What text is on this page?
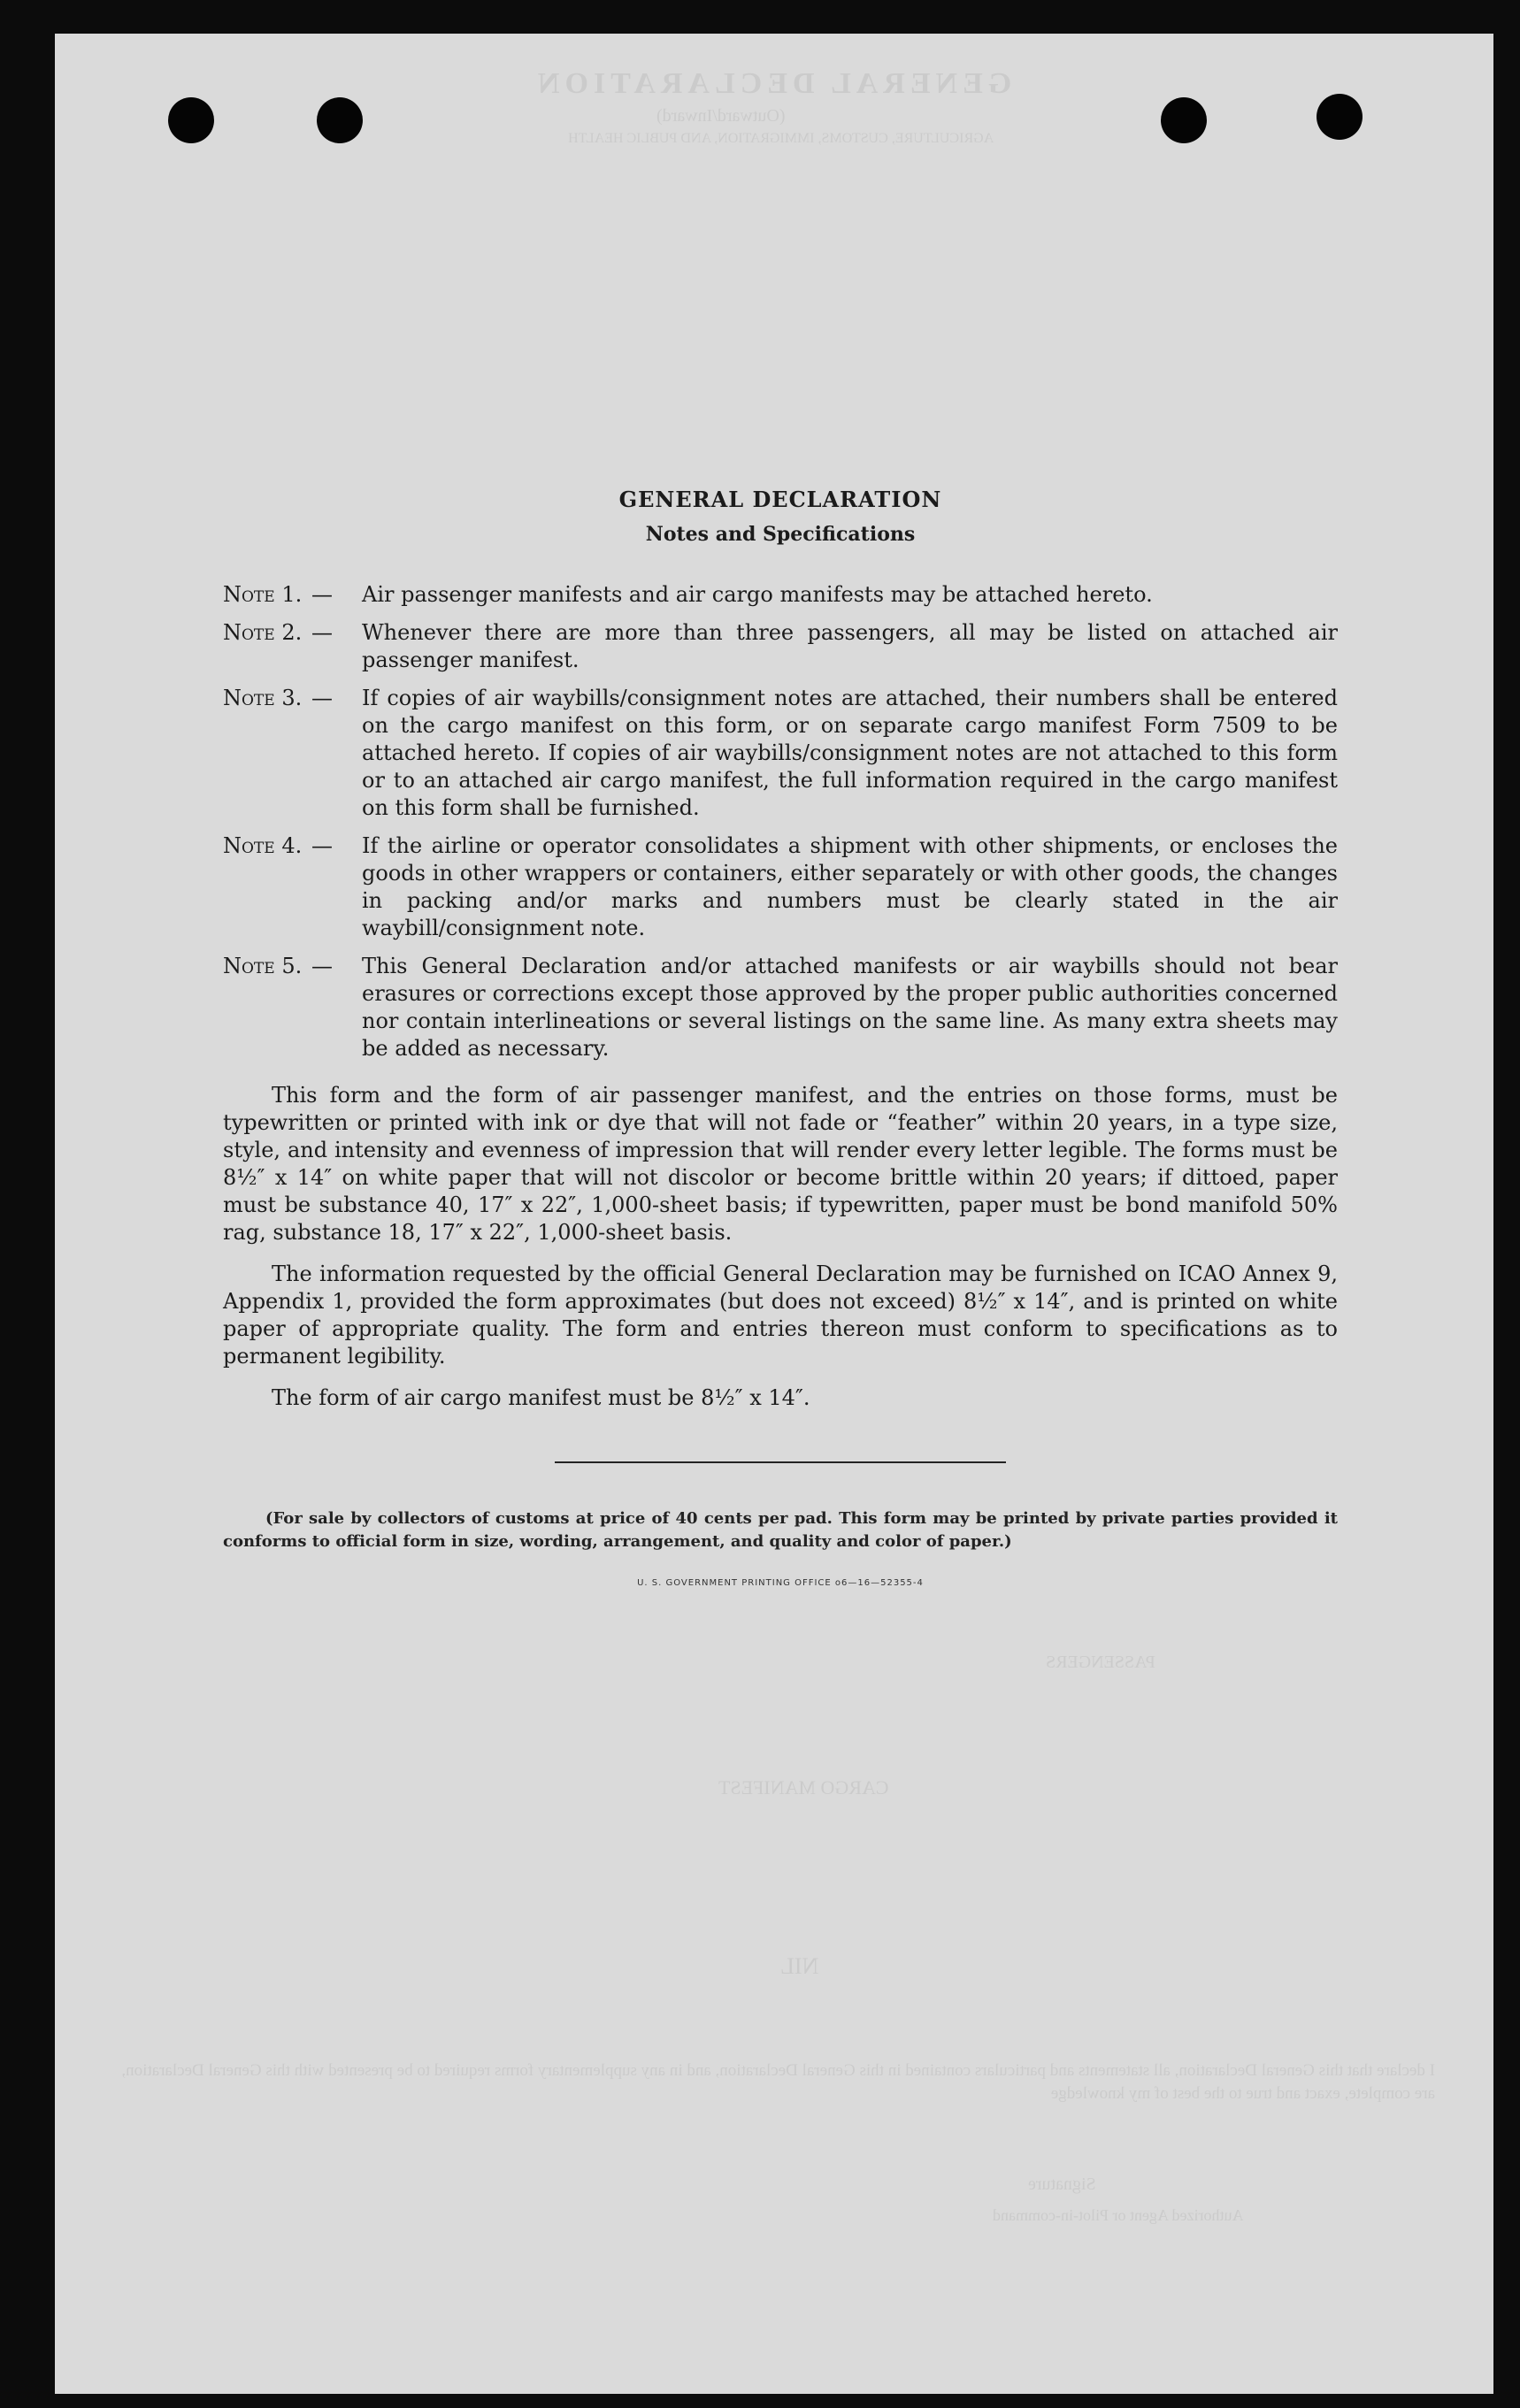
GENERAL DECLARATION
(Outward/Inward)
AGRICULTURE, CUSTOMS, IMMIGRATION, AND PUBLIC HEALTH
PASSENGERS
CARGO MANIFEST
NIL
I declare that this General Declaration, all statements and particulars contained in this General Declaration, and in any supplementary forms required to be presented with this General Declaration, are complete, exact and true to the best of my knowledge
Signature
Authorized Agent or Pilot-in-command
GENERAL DECLARATION
Notes and Specifications
Note 1. — Air passenger manifests and air cargo manifests may be attached hereto.
Note 2. — Whenever there are more than three passengers, all may be listed on attached air passenger manifest.
Note 3. — If copies of air waybills/consignment notes are attached, their numbers shall be entered on the cargo manifest on this form, or on separate cargo manifest Form 7509 to be attached hereto. If copies of air waybills/consignment notes are not attached to this form or to an attached air cargo manifest, the full information required in the cargo manifest on this form shall be furnished.
Note 4. — If the airline or operator consolidates a shipment with other shipments, or encloses the goods in other wrappers or containers, either separately or with other goods, the changes in packing and/or marks and numbers must be clearly stated in the air waybill/consignment note.
Note 5. — This General Declaration and/or attached manifests or air waybills should not bear erasures or corrections except those approved by the proper public authorities concerned nor contain interlineations or several listings on the same line. As many extra sheets may be added as necessary.

This form and the form of air passenger manifest, and the entries on those forms, must be typewritten or printed with ink or dye that will not fade or “feather” within 20 years, in a type size, style, and intensity and evenness of impression that will render every letter legible. The forms must be 8½″ x 14″ on white paper that will not discolor or become brittle within 20 years; if dittoed, paper must be substance 40, 17″ x 22″, 1,000-sheet basis; if typewritten, paper must be bond manifold 50% rag, substance 18, 17″ x 22″, 1,000-sheet basis.

The information requested by the official General Declaration may be furnished on ICAO Annex 9, Appendix 1, provided the form approximates (but does not exceed) 8½″ x 14″, and is printed on white paper of appropriate quality. The form and entries thereon must conform to specifications as to permanent legibility.

The form of air cargo manifest must be 8½″ x 14″.

(For sale by collectors of customs at price of 40 cents per pad. This form may be printed by private parties provided it conforms to official form in size, wording, arrangement, and quality and color of paper.)
U. S. GOVERNMENT PRINTING OFFICE o6—16—52355-4
